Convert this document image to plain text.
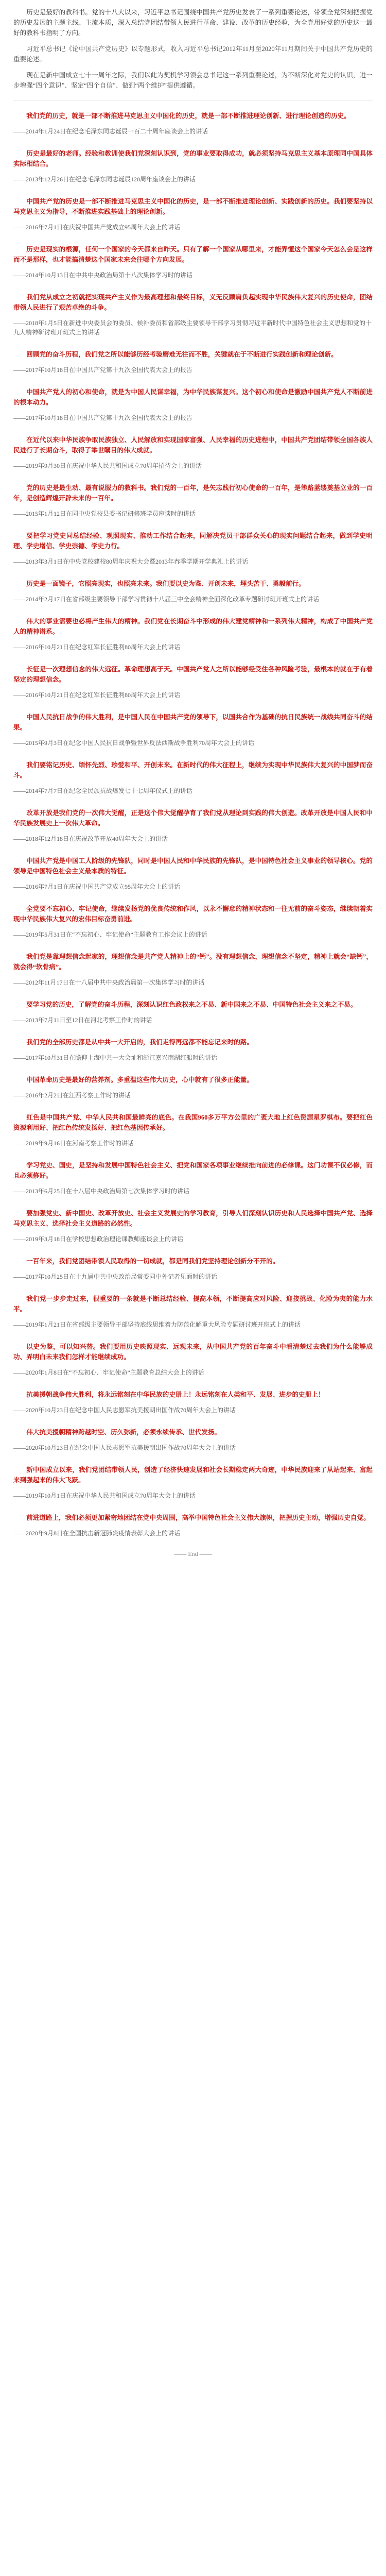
历史是最好的教科书。党的十八大以来，习近平总书记围绕中国共产党历史发表了一系列重要论述，带领全党深刻把握党的历史发展的主题主线、主流本质，深入总结党团结带领人民进行革命、建设、改革的历史经验，为全党用好党的历史这一最好的教科书指明了方向。

习近平总书记《论中国共产党历史》以专题形式，收入习近平总书记2012年11月至2020年11月期间关于中国共产党历史的重要论述。

现在是新中国成立七十一周年之际，我们以此为契机学习领会总书记这一系列重要论述，为不断深化对党史的认识，进一步增强“四个意识”、坚定“四个自信”、做到“两个维护”提供遵循。

我们党的历史，就是一部不断推进马克思主义中国化的历史，就是一部不断推进理论创新、进行理论创造的历史。

——2014年1月24日在纪念毛泽东同志诞辰一百二十周年座谈会上的讲话

历史是最好的老师。经验和教训使我们党深刻认识到，党的事业要取得成功，就必须坚持马克思主义基本原理同中国具体实际相结合。

——2013年12月26日在纪念毛泽东同志诞辰120周年座谈会上的讲话

中国共产党的历史是一部不断推进马克思主义中国化的历史，是一部不断推进理论创新、实践创新的历史。我们要坚持以马克思主义为指导，不断推进实践基础上的理论创新。

——2016年7月1日在庆祝中国共产党成立95周年大会上的讲话

历史是现实的根源，任何一个国家的今天都来自昨天。只有了解一个国家从哪里来，才能弄懂这个国家今天怎么会是这样而不是那样，也才能搞清楚这个国家未来会往哪个方向发展。

——2014年10月13日在中共中央政治局第十八次集体学习时的讲话

我们党从成立之初就把实现共产主义作为最高理想和最终目标，义无反顾肩负起实现中华民族伟大复兴的历史使命，团结带领人民进行了艰苦卓绝的斗争。

——2018年1月5日在新进中央委员会的委员、候补委员和省部级主要领导干部学习贯彻习近平新时代中国特色社会主义思想和党的十九大精神研讨班开班式上的讲话

回顾党的奋斗历程，我们党之所以能够历经考验磨难无往而不胜，关键就在于不断进行实践创新和理论创新。

——2017年10月18日在中国共产党第十九次全国代表大会上的报告

中国共产党人的初心和使命，就是为中国人民谋幸福，为中华民族谋复兴。这个初心和使命是激励中国共产党人不断前进的根本动力。

——2017年10月18日在中国共产党第十九次全国代表大会上的报告

在近代以来中华民族争取民族独立、人民解放和实现国家富强、人民幸福的历史进程中，中国共产党团结带领全国各族人民进行了长期奋斗，取得了举世瞩目的伟大成就。

——2019年9月30日在庆祝中华人民共和国成立70周年招待会上的讲话

党的历史是最生动、最有说服力的教科书。我们党的一百年，是矢志践行初心使命的一百年，是筚路蓝缕奠基立业的一百年，是创造辉煌开辟未来的一百年。

——2015年1月12日在同中央党校县委书记研修班学员座谈时的讲话

要把学习党史同总结经验、观照现实、推动工作结合起来，同解决党员干部群众关心的现实问题结合起来，做到学史明理、学史增信、学史崇德、学史力行。

——2013年3月1日在中央党校建校80周年庆祝大会暨2013年春季学期开学典礼上的讲话

历史是一面镜子，它照亮现实，也照亮未来。我们要以史为鉴、开创未来，埋头苦干、勇毅前行。

——2014年2月17日在省部级主要领导干部学习贯彻十八届三中全会精神全面深化改革专题研讨班开班式上的讲话

伟大的事业需要也必将产生伟大的精神。我们党在长期奋斗中形成的伟大建党精神和一系列伟大精神，构成了中国共产党人的精神谱系。

——2016年10月21日在纪念红军长征胜利80周年大会上的讲话

长征是一次理想信念的伟大远征。革命理想高于天。中国共产党人之所以能够经受住各种风险考验，最根本的就在于有着坚定的理想信念。

——2016年10月21日在纪念红军长征胜利80周年大会上的讲话

中国人民抗日战争的伟大胜利，是中国人民在中国共产党的领导下，以国共合作为基础的抗日民族统一战线共同奋斗的结果。

——2015年9月3日在纪念中国人民抗日战争暨世界反法西斯战争胜利70周年大会上的讲话

我们要铭记历史、缅怀先烈、珍爱和平、开创未来。在新时代的伟大征程上，继续为实现中华民族伟大复兴的中国梦而奋斗。

——2014年7月7日在纪念全民族抗战爆发七十七周年仪式上的讲话

改革开放是我们党的一次伟大觉醒，正是这个伟大觉醒孕育了我们党从理论到实践的伟大创造。改革开放是中国人民和中华民族发展史上一次伟大革命。

——2018年12月18日在庆祝改革开放40周年大会上的讲话

中国共产党是中国工人阶级的先锋队，同时是中国人民和中华民族的先锋队，是中国特色社会主义事业的领导核心。党的领导是中国特色社会主义最本质的特征。

——2016年7月1日在庆祝中国共产党成立95周年大会上的讲话

全党要不忘初心、牢记使命，继续发扬党的优良传统和作风，以永不懈怠的精神状态和一往无前的奋斗姿态，继续朝着实现中华民族伟大复兴的宏伟目标奋勇前进。

——2019年5月31日在“不忘初心、牢记使命”主题教育工作会议上的讲话

我们党是靠理想信念起家的，理想信念是共产党人精神上的“钙”。没有理想信念，理想信念不坚定，精神上就会“缺钙”，就会得“软骨病”。

——2012年11月17日在十八届中共中央政治局第一次集体学习时的讲话

要学习党的历史，了解党的奋斗历程，深刻认识红色政权来之不易、新中国来之不易、中国特色社会主义来之不易。

——2013年7月11日至12日在河北考察工作时的讲话

我们党的全部历史都是从中共一大开启的，我们走得再远都不能忘记来时的路。

——2017年10月31日在瞻仰上海中共一大会址和浙江嘉兴南湖红船时的讲话

中国革命历史是最好的营养剂。多重温这些伟大历史，心中就有了很多正能量。

——2016年2月2日在江西考察工作时的讲话

红色是中国共产党、中华人民共和国最鲜亮的底色。在我国960多万平方公里的广袤大地上红色资源星罗棋布。要把红色资源利用好、把红色传统发扬好、把红色基因传承好。

——2019年9月16日在河南考察工作时的讲话

学习党史、国史，是坚持和发展中国特色社会主义、把党和国家各项事业继续推向前进的必修课。这门功课不仅必修，而且必须修好。

——2013年6月25日在十八届中央政治局第七次集体学习时的讲话

要加强党史、新中国史、改革开放史、社会主义发展史的学习教育，引导人们深刻认识历史和人民选择中国共产党、选择马克思主义、选择社会主义道路的必然性。

——2019年3月18日在学校思想政治理论课教师座谈会上的讲话

一百年来，我们党团结带领人民取得的一切成就，都是同我们党坚持理论创新分不开的。

——2017年10月25日在十九届中共中央政治局常委同中外记者见面时的讲话

我们党一步步走过来，很重要的一条就是不断总结经验、提高本领，不断提高应对风险、迎接挑战、化险为夷的能力水平。

——2019年1月21日在省部级主要领导干部坚持底线思维着力防范化解重大风险专题研讨班开班式上的讲话

以史为鉴，可以知兴替。我们要用历史映照现实、远观未来，从中国共产党的百年奋斗中看清楚过去我们为什么能够成功、弄明白未来我们怎样才能继续成功。

——2020年1月8日在“不忘初心、牢记使命”主题教育总结大会上的讲话

抗美援朝战争伟大胜利，将永远铭刻在中华民族的史册上！永远铭刻在人类和平、发展、进步的史册上！

——2020年10月23日在纪念中国人民志愿军抗美援朝出国作战70周年大会上的讲话

伟大抗美援朝精神跨越时空、历久弥新，必须永续传承、世代发扬。

——2020年10月23日在纪念中国人民志愿军抗美援朝出国作战70周年大会上的讲话

新中国成立以来，我们党团结带领人民，创造了经济快速发展和社会长期稳定两大奇迹，中华民族迎来了从站起来、富起来到强起来的伟大飞跃。

——2019年10月1日在庆祝中华人民共和国成立70周年大会上的讲话

前进道路上，我们必须更加紧密地团结在党中央周围，高举中国特色社会主义伟大旗帜，把握历史主动，增强历史自觉。

——2020年9月8日在全国抗击新冠肺炎疫情表彰大会上的讲话
—— End ——
